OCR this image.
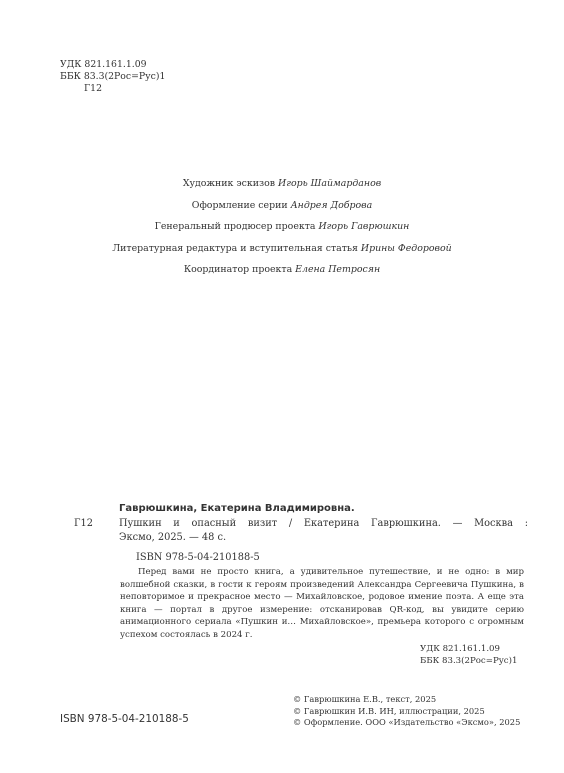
УДК 821.161.1.09
ББК 83.3(2Рос=Рус)1
Г12
Художник эскизов Игорь Шаймарданов
Оформление серии Андрея Доброва
Генеральный продюсер проекта Игорь Гаврюшкин
Литературная редактура и вступительная статья Ирины Федоровой
Координатор проекта Елена Петросян
Гаврюшкина, Екатерина Владимировна.
Г12	Пушкин и опасный визит / Екатерина Гаврюшкина. — Москва :
Эксмо, 2025. — 48 с.
ISBN 978-5-04-210188-5

Перед вами не просто книга, а удивительное путешествие, и не одно: в мир волшебной сказки, в гости к героям произведений Александра Сергеевича Пушкина, в неповторимое и прекрасное место — Михайловское, родовое имение поэта. А еще эта книга — портал в другое измерение: отсканировав QR-код, вы увидите серию анимационного сериала «Пушкин и… Михайловское», премьера которого с огромным успехом состоялась в 2024 г.

УДК 821.161.1.09
ББК 83.3(2Рос=Рус)1
ISBN 978-5-04-210188-5
© Гаврюшкина Е.В., текст, 2025
© Гаврюшкин И.В. ИН, иллюстрации, 2025
© Оформление. ООО «Издательство «Эксмо», 2025
